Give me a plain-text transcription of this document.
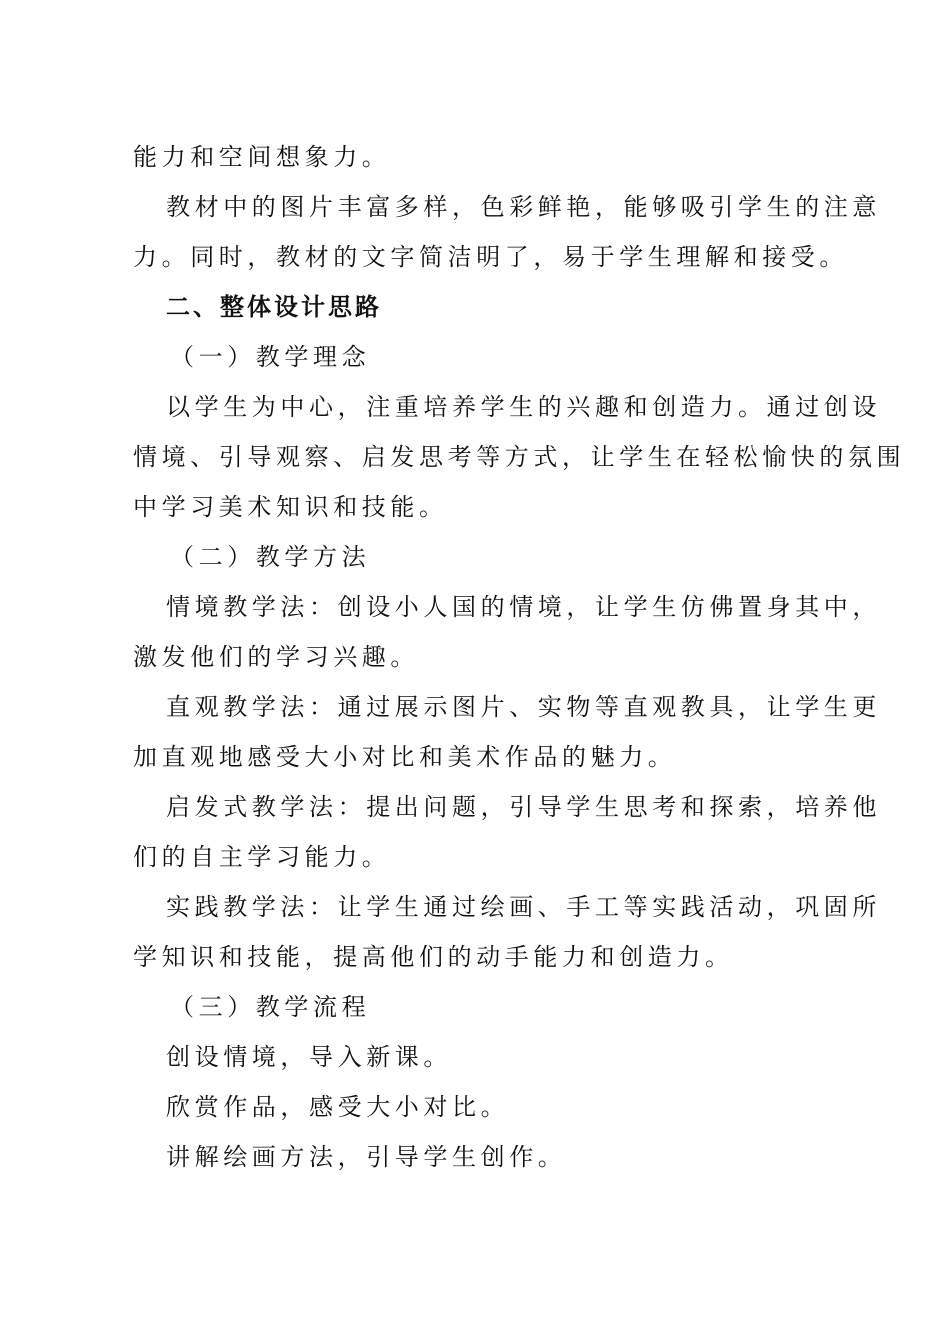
能力和空间想象力。
教材中的图片丰富多样，色彩鲜艳，能够吸引学生的注意
力。同时，教材的文字简洁明了，易于学生理解和接受。
二、整体设计思路
（一）教学理念
以学生为中心，注重培养学生的兴趣和创造力。通过创设
情境、引导观察、启发思考等方式，让学生在轻松愉快的氛围
中学习美术知识和技能。
（二）教学方法
情境教学法：创设小人国的情境，让学生仿佛置身其中，
激发他们的学习兴趣。
直观教学法：通过展示图片、实物等直观教具，让学生更
加直观地感受大小对比和美术作品的魅力。
启发式教学法：提出问题，引导学生思考和探索，培养他
们的自主学习能力。
实践教学法：让学生通过绘画、手工等实践活动，巩固所
学知识和技能，提高他们的动手能力和创造力。
（三）教学流程
创设情境，导入新课。
欣赏作品，感受大小对比。
讲解绘画方法，引导学生创作。
